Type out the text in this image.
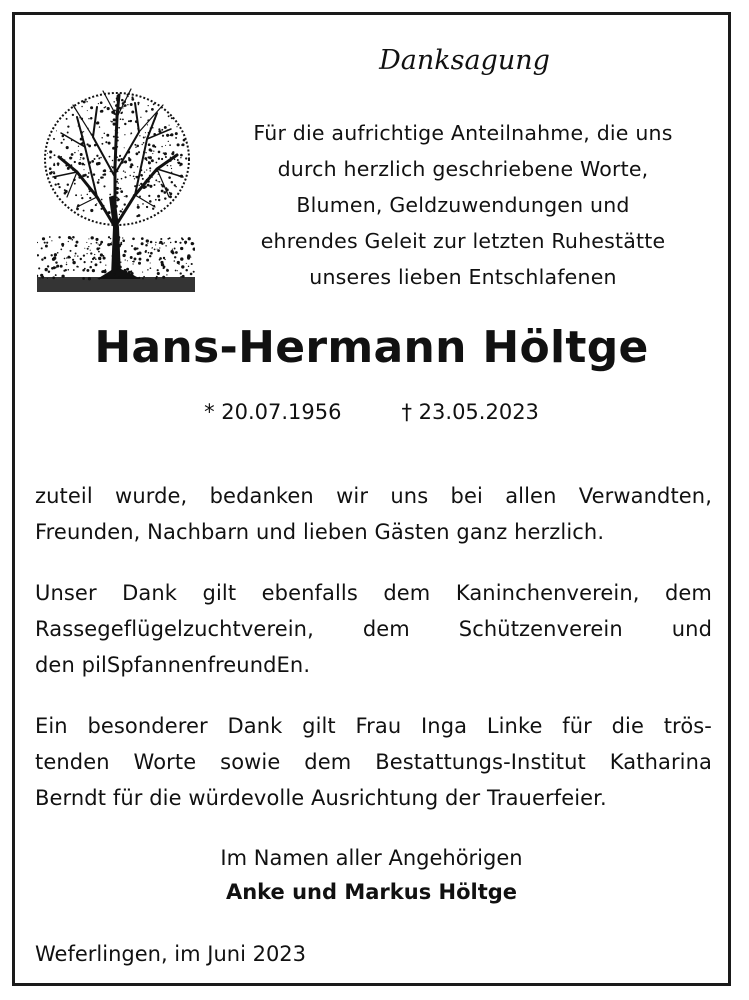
Danksagung
Für die aufrichtige Anteilnahme, die uns
durch herzlich geschriebene Worte,
Blumen, Geldzuwendungen und
ehrendes Geleit zur letzten Ruhestätte
unseres lieben Entschlafenen
Hans-Hermann Höltge
* 20.07.1956	† 23.05.2023
zuteil wurde, bedanken wir uns bei allen Verwandten,
Freunden, Nachbarn und lieben Gästen ganz herzlich.
Unser Dank gilt ebenfalls dem Kaninchenverein, dem
Rassegeflügelzuchtverein, dem Schützenverein und
den pilSpfannenfreundEn.
Ein besonderer Dank gilt Frau Inga Linke für die trös-
tenden Worte sowie dem Bestattungs-Institut Katharina
Berndt für die würdevolle Ausrichtung der Trauerfeier.
Im Namen aller Angehörigen
Anke und Markus Höltge
Weferlingen, im Juni 2023
